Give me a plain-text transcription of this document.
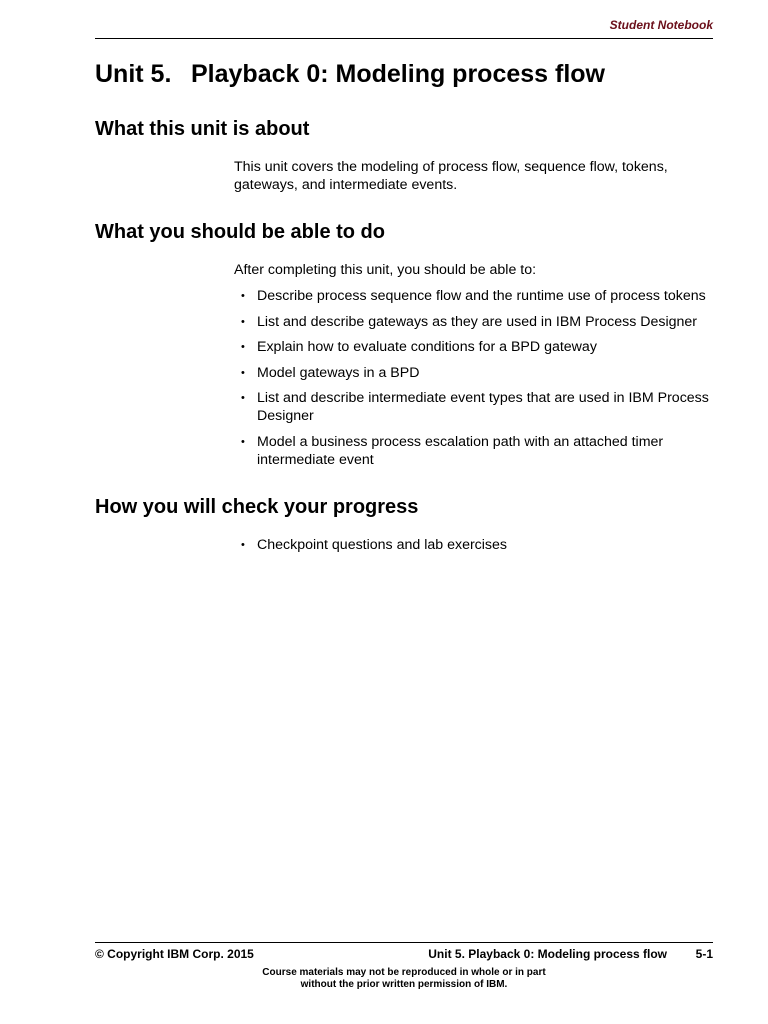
Student Notebook
Unit 5. Playback 0: Modeling process flow
What this unit is about

This unit covers the modeling of process flow, sequence flow, tokens,
gateways, and intermediate events.

What you should be able to do

After completing this unit, you should be able to:

• Describe process sequence flow and the runtime use of process tokens
• List and describe gateways as they are used in IBM Process Designer
• Explain how to evaluate conditions for a BPD gateway
• Model gateways in a BPD
• List and describe intermediate event types that are used in IBM Process
Designer
• Model a business process escalation path with an attached timer
intermediate event
How you will check your progress
• Checkpoint questions and lab exercises
© Copyright IBM Corp. 2015	Unit 5. Playback 0: Modeling process flow 5-1
Course materials may not be reproduced in whole or in part
without the prior written permission of IBM.
